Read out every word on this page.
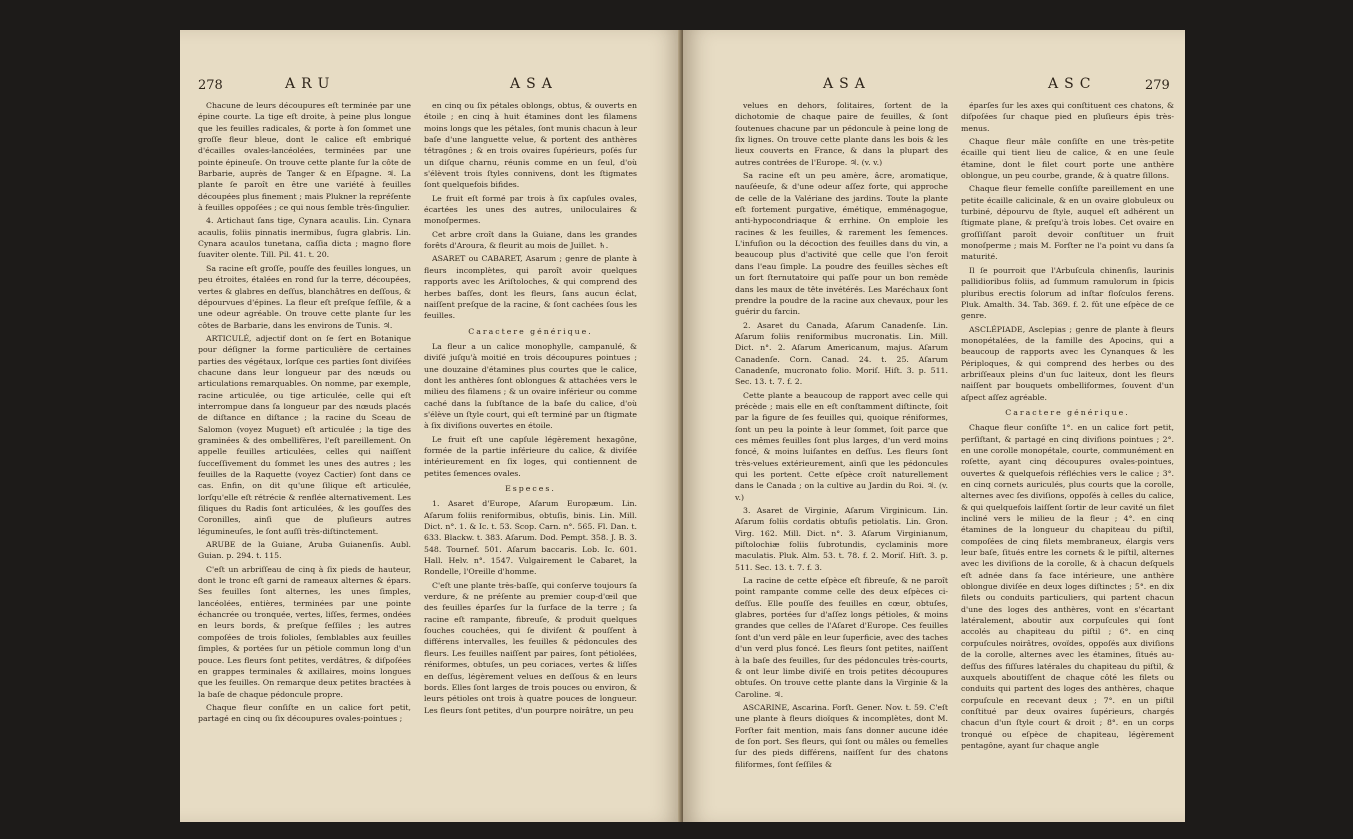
278	ARU	ASA

Chacune de leurs découpures eſt terminée par une épine courte. La tige eſt droite, à peine plus longue que les feuilles radicales, & porte à ſon ſommet une groſſe fleur bleue, dont le calice eſt embriqué d'écailles ovales-lancéolées, terminées par une pointe épineuſe. On trouve cette plante ſur la côte de Barbarie, auprès de Tanger & en Eſpagne. ♃. La plante ſe paroît en être une variété à feuilles découpées plus finement ; mais Plukner la repréſente à feuilles oppoſées ; ce qui nous ſemble très-ſingulier.

4. Artichaut ſans tige, Cynara acaulis. Lin. Cynara acaulis, foliis pinnatis inermibus, ſugra glabris. Lin. Cynara acaulos tunetana, caſſia dicta ; magno flore ſuaviter olente. Till. Pil. 41. t. 20.

Sa racine eſt groſſe, pouſſe des feuilles longues, un peu étroites, étalées en rond ſur la terre, découpées, vertes & glabres en deſſus, blanchâtres en deſſous, & dépourvues d'épines. La fleur eſt preſque ſeſſile, & a une odeur agréable. On trouve cette plante ſur les côtes de Barbarie, dans les environs de Tunis. ♃.

ARTICULÉ, adjectif dont on ſe ſert en Botanique pour déſigner la forme particulière de certaines parties des végétaux, lorſque ces parties ſont diviſées chacune dans leur longueur par des nœuds ou articulations remarquables. On nomme, par exemple, racine articulée, ou tige articulée, celle qui eſt interrompue dans ſa longueur par des nœuds placés de diſtance en diſtance ; la racine du Sceau de Salomon (voyez Muguet) eſt articulée ; la tige des graminées & des ombellifères, l'eſt pareillement. On appelle feuilles articulées, celles qui naiſſent ſucceſſivement du ſommet les unes des autres ; les feuilles de la Raquette (voyez Cactier) ſont dans ce cas. Enfin, on dit qu'une ſilique eſt articulée, lorſqu'elle eſt rétrécie & renflée alternativement. Les ſiliques du Radis ſont articulées, & les gouſſes des Coronilles, ainſi que de pluſieurs autres légumineuſes, le ſont auſſi très-diſtinctement.

ARUBE de la Guiane, Aruba Guianenſis. Aubl. Guian. p. 294. t. 115.

C'eſt un arbriſſeau de cinq à ſix pieds de hauteur, dont le tronc eſt garni de rameaux alternes & épars. Ses feuilles ſont alternes, les unes ſimples, lancéolées, entières, terminées par une pointe échancrée ou tronquée, vertes, liſſes, fermes, ondées en leurs bords, & preſque ſeſſiles ; les autres compoſées de trois folioles, ſemblables aux feuilles ſimples, & portées ſur un pétiole commun long d'un pouce. Les fleurs ſont petites, verdâtres, & diſpoſées en grappes terminales & axillaires, moins longues que les feuilles. On remarque deux petites bractées à la baſe de chaque pédoncule propre.

Chaque fleur conſiſte en un calice fort petit, partagé en cinq ou ſix découpures ovales-pointues ;

en cinq ou ſix pétales oblongs, obtus, & ouverts en étoile ; en cinq à huit étamines dont les filamens moins longs que les pétales, ſont munis chacun à leur baſe d'une languette velue, & portent des anthères tétragônes ; & en trois ovaires ſupérieurs, poſés ſur un diſque charnu, réunis comme en un ſeul, d'où s'élèvent trois ſtyles connivens, dont les ſtigmates ſont quelquefois bifides.

Le fruit eſt formé par trois à ſix capſules ovales, écartées les unes des autres, uniloculaires & monoſpermes.

Cet arbre croît dans la Guiane, dans les grandes forêts d'Aroura, & fleurit au mois de Juillet. ♄.

ASARET ou CABARET, Asarum ; genre de plante à fleurs incomplètes, qui paroît avoir quelques rapports avec les Ariſtoloches, & qui comprend des herbes baſſes, dont les fleurs, ſans aucun éclat, naiſſent preſque de la racine, & ſont cachées ſous les feuilles.

Caractere générique.

La fleur a un calice monophylle, campanulé, & diviſé juſqu'à moitié en trois découpures pointues ; une douzaine d'étamines plus courtes que le calice, dont les anthères ſont oblongues & attachées vers le milieu des filamens ; & un ovaire inférieur ou comme caché dans la ſubſtance de la baſe du calice, d'où s'élève un ſtyle court, qui eſt terminé par un ſtigmate à ſix diviſions ouvertes en étoile.

Le fruit eſt une capſule légèrement hexagône, formée de la partie inférieure du calice, & diviſée intérieurement en ſix loges, qui contiennent de petites ſemences ovales.

Especes.

1. Asaret d'Europe, Aſarum Europæum. Lin. Aſarum foliis reniformibus, obtuſis, binis. Lin. Mill. Dict. n°. 1. & Ic. t. 53. Scop. Carn. n°. 565. Fl. Dan. t. 633. Blackw. t. 383. Aſarum. Dod. Pempt. 358. J. B. 3. 548. Tournef. 501. Aſarum baccaris. Lob. Ic. 601. Hall. Helv. n°. 1547. Vulgairement le Cabaret, la Rondelle, l'Oreille d'homme.

C'eſt une plante très-baſſe, qui conſerve toujours ſa verdure, & ne préſente au premier coup-d'œil que des feuilles éparſes ſur la ſurface de la terre ; ſa racine eſt rampante, fibreuſe, & produit quelques ſouches couchées, qui ſe diviſent & pouſſent à différens intervalles, les feuilles & pédoncules des fleurs. Les feuilles naiſſent par paires, ſont pétiolées, réniformes, obtuſes, un peu coriaces, vertes & liſſes en deſſus, légèrement velues en deſſous & en leurs bords. Elles ſont larges de trois pouces ou environ, & leurs pétioles ont trois à quatre pouces de longueur. Les fleurs ſont petites, d'un pourpre noirâtre, un peu

ASA	ASC	279

velues en dehors, ſolitaires, ſortent de la dichotomie de chaque paire de feuilles, & ſont ſoutenues chacune par un pédoncule à peine long de ſix lignes. On trouve cette plante dans les bois & les lieux couverts en France, & dans la plupart des autres contrées de l'Europe. ♃. (v. v.)

Sa racine eſt un peu amère, âcre, aromatique, nauſéeuſe, & d'une odeur aſſez forte, qui approche de celle de la Valériane des jardins. Toute la plante eſt fortement purgative, émétique, emménagogue, anti-hypocondriaque & errhine. On emploie les racines & les feuilles, & rarement les ſemences. L'infuſion ou la décoction des feuilles dans du vin, a beaucoup plus d'activité que celle que l'on feroit dans l'eau ſimple. La poudre des feuilles sèches eſt un fort ſternutatoire qui paſſe pour un bon remède dans les maux de tête invétérés. Les Maréchaux ſont prendre la poudre de la racine aux chevaux, pour les guérir du farcin.

2. Asaret du Canada, Aſarum Canadenſe. Lin. Aſarum foliis reniformibus mucronatis. Lin. Mill. Dict. n°. 2. Aſarum Americanum, majus. Aſarum Canadenſe. Corn. Canad. 24. t. 25. Aſarum Canadenſe, mucronato folio. Moriſ. Hiſt. 3. p. 511. Sec. 13. t. 7. f. 2.

Cette plante a beaucoup de rapport avec celle qui précède ; mais elle en eſt conſtamment diſtincte, ſoit par la figure de ſes feuilles qui, quoique réniformes, ſont un peu la pointe à leur ſommet, ſoit parce que ces mêmes feuilles ſont plus larges, d'un verd moins foncé, & moins luiſantes en deſſus. Les fleurs ſont très-velues extérieurement, ainſi que les pédoncules qui les portent. Cette eſpèce croît naturellement dans le Canada ; on la cultive au Jardin du Roi. ♃. (v. v.)

3. Asaret de Virginie, Aſarum Virginicum. Lin. Aſarum foliis cordatis obtuſis petiolatis. Lin. Gron. Virg. 162. Mill. Dict. n°. 3. Aſarum Virginianum, piſtolochiæ foliis ſubrotundis, cyclaminis more maculatis. Pluk. Alm. 53. t. 78. f. 2. Moriſ. Hiſt. 3. p. 511. Sec. 13. t. 7. f. 3.

La racine de cette eſpèce eſt fibreuſe, & ne paroît point rampante comme celle des deux eſpèces ci-deſſus. Elle pouſſe des feuilles en cœur, obtuſes, glabres, portées ſur d'aſſez longs pétioles, & moins grandes que celles de l'Aſaret d'Europe. Ces feuilles ſont d'un verd pâle en leur ſuperficie, avec des taches d'un verd plus foncé. Les fleurs ſont petites, naiſſent à la baſe des feuilles, ſur des pédoncules très-courts, & ont leur limbe diviſé en trois petites découpures obtuſes. On trouve cette plante dans la Virginie & la Caroline. ♃.

ASCARINE, Ascarina. Forſt. Gener. Nov. t. 59. C'eſt une plante à fleurs dioïques & incomplètes, dont M. Forſter fait mention, mais ſans donner aucune idée de ſon port. Ses fleurs, qui ſont ou mâles ou femelles ſur des pieds différens, naiſſent ſur des chatons filiformes, ſont ſeſſiles &

éparſes ſur les axes qui conſtituent ces chatons, & diſpoſées ſur chaque pied en pluſieurs épis très-menus.

Chaque fleur mâle conſiſte en une très-petite écaille qui tient lieu de calice, & en une ſeule étamine, dont le filet court porte une anthère oblongue, un peu courbe, grande, & à quatre ſillons.

Chaque fleur femelle conſiſte pareillement en une petite écaille calicinale, & en un ovaire globuleux ou turbiné, dépourvu de ſtyle, auquel eſt adhérent un ſtigmate plane, & preſqu'à trois lobes. Cet ovaire en groſſiſſant paroît devoir conſtituer un fruit monoſperme ; mais M. Forſter ne l'a point vu dans ſa maturité.

Il ſe pourroit que l'Arbuſcula chinenſis, laurinis pallidioribus foliis, ad ſummum ramulorum in ſpicis pluribus erectis ſolorum ad inſtar floſculos ferens. Pluk. Amalth. 34. Tab. 369. f. 2. fût une eſpèce de ce genre.

ASCLÉPIADE, Asclepias ; genre de plante à fleurs monopétalées, de la famille des Apocins, qui a beaucoup de rapports avec les Cynanques & les Périploques, & qui comprend des herbes ou des arbriſſeaux pleins d'un ſuc laiteux, dont les fleurs naiſſent par bouquets ombelliformes, ſouvent d'un aſpect aſſez agréable.

Caractere générique.

Chaque fleur conſiſte 1°. en un calice fort petit, perſiſtant, & partagé en cinq diviſions pointues ; 2°. en une corolle monopétale, courte, communément en roſette, ayant cinq découpures ovales-pointues, ouvertes & quelquefois réfléchies vers le calice ; 3°. en cinq cornets auriculés, plus courts que la corolle, alternes avec ſes diviſions, oppoſés à celles du calice, & qui quelquefois laiſſent ſortir de leur cavité un filet incliné vers le milieu de la fleur ; 4°. en cinq étamines de la longueur du chapiteau du piſtil, compoſées de cinq filets membraneux, élargis vers leur baſe, ſitués entre les cornets & le piſtil, alternes avec les diviſions de la corolle, & à chacun deſquels eſt adnée dans ſa face intérieure, une anthère oblongue diviſée en deux loges diſtinctes ; 5°. en dix filets ou conduits particuliers, qui partent chacun d'une des loges des anthères, vont en s'écartant latéralement, aboutir aux corpuſcules qui ſont accolés au chapiteau du piſtil ; 6°. en cinq corpuſcules noirâtres, ovoïdes, oppoſés aux diviſions de la corolle, alternes avec les étamines, ſitués au-deſſus des fiſſures latérales du chapiteau du piſtil, & auxquels aboutiſſent de chaque côté les filets ou conduits qui partent des loges des anthères, chaque corpuſcule en recevant deux ; 7°. en un piſtil conſtitué par deux ovaires ſupérieurs, chargés chacun d'un ſtyle court & droit ; 8°. en un corps tronqué ou eſpèce de chapiteau, légèrement pentagône, ayant ſur chaque angle
